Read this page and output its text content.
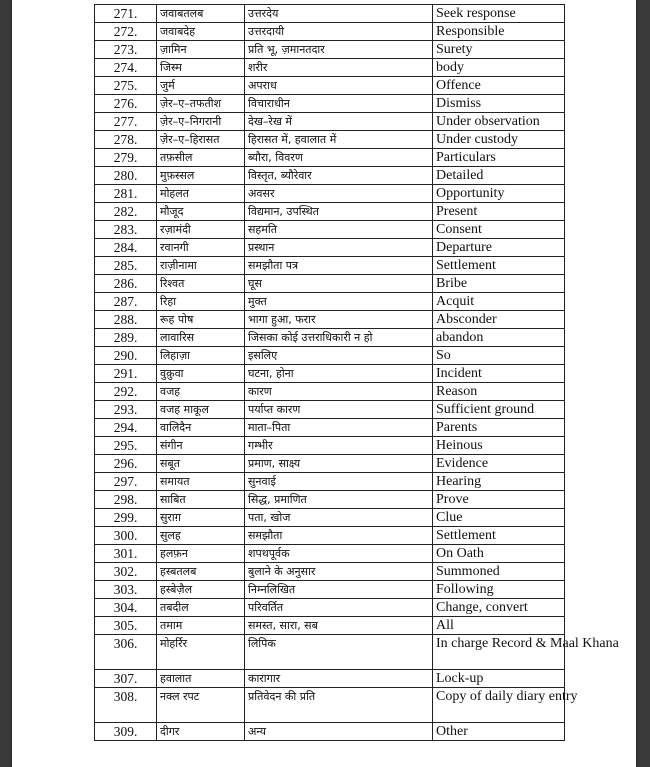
271.	जवाबतलब	उत्तरदेय	Seek response
272.	जवाबदेह	उत्तरदायी	Responsible
273.	ज़ामिन	प्रति भू, ज़मानतदार	Surety
274.	जिस्म	शरीर	body
275.	जुर्म	अपराध	Offence
276.	ज़ेर–ए–तफतीश	विचाराधीन	Dismiss
277.	ज़ेर–ए–निगरानी	देख–रेख में	Under observation
278.	ज़ेर–ए–हिरासत	हिरासत में, हवालात में	Under custody
279.	तफ़सील	ब्यौरा, विवरण	Particulars
280.	मुफ़स्सल	विस्तृत, ब्यौरेवार	Detailed
281.	मोहलत	अवसर	Opportunity
282.	मौजूद	विद्यमान, उपस्थित	Present
283.	रज़ामंदी	सहमति	Consent
284.	रवानगी	प्रस्थान	Departure
285.	राज़ीनामा	समझौता पत्र	Settlement
286.	रिश्वत	घूस	Bribe
287.	रिहा	मुक्त	Acquit
288.	रूह पोष	भागा हुआ, फरार	Absconder
289.	लावारिस	जिसका कोई उत्तराधिकारी न हो	abandon
290.	लिहाज़ा	इसलिए	So
291.	वुक़ुवा	घटना, होना	Incident
292.	वजह	कारण	Reason
293.	वजह माकूल	पर्याप्त कारण	Sufficient ground
294.	वालिदैन	माता–पिता	Parents
295.	संगीन	गम्भीर	Heinous
296.	सबूत	प्रमाण, साक्ष्य	Evidence
297.	समायत	सुनवाई	Hearing
298.	साबित	सिद्ध, प्रमाणित	Prove
299.	सुराग़	पता, खोज	Clue
300.	सुलह	समझौता	Settlement
301.	हलफ़न	शपथपूर्वक	On Oath
302.	हस्बतलब	बुलाने के अनुसार	Summoned
303.	हस्बेज़ैल	निम्नलिखित	Following
304.	तबदील	परिवर्तित	Change, convert
305.	तमाम	समस्त, सारा, सब	All
306.	मोहर्रिर	लिपिक	In charge Record & Maal Khana
307.	हवालात	कारागार	Lock-up
308.	नक्ल रपट	प्रतिवेदन की प्रति	Copy of daily diary entry
309.	दीगर	अन्य	Other
